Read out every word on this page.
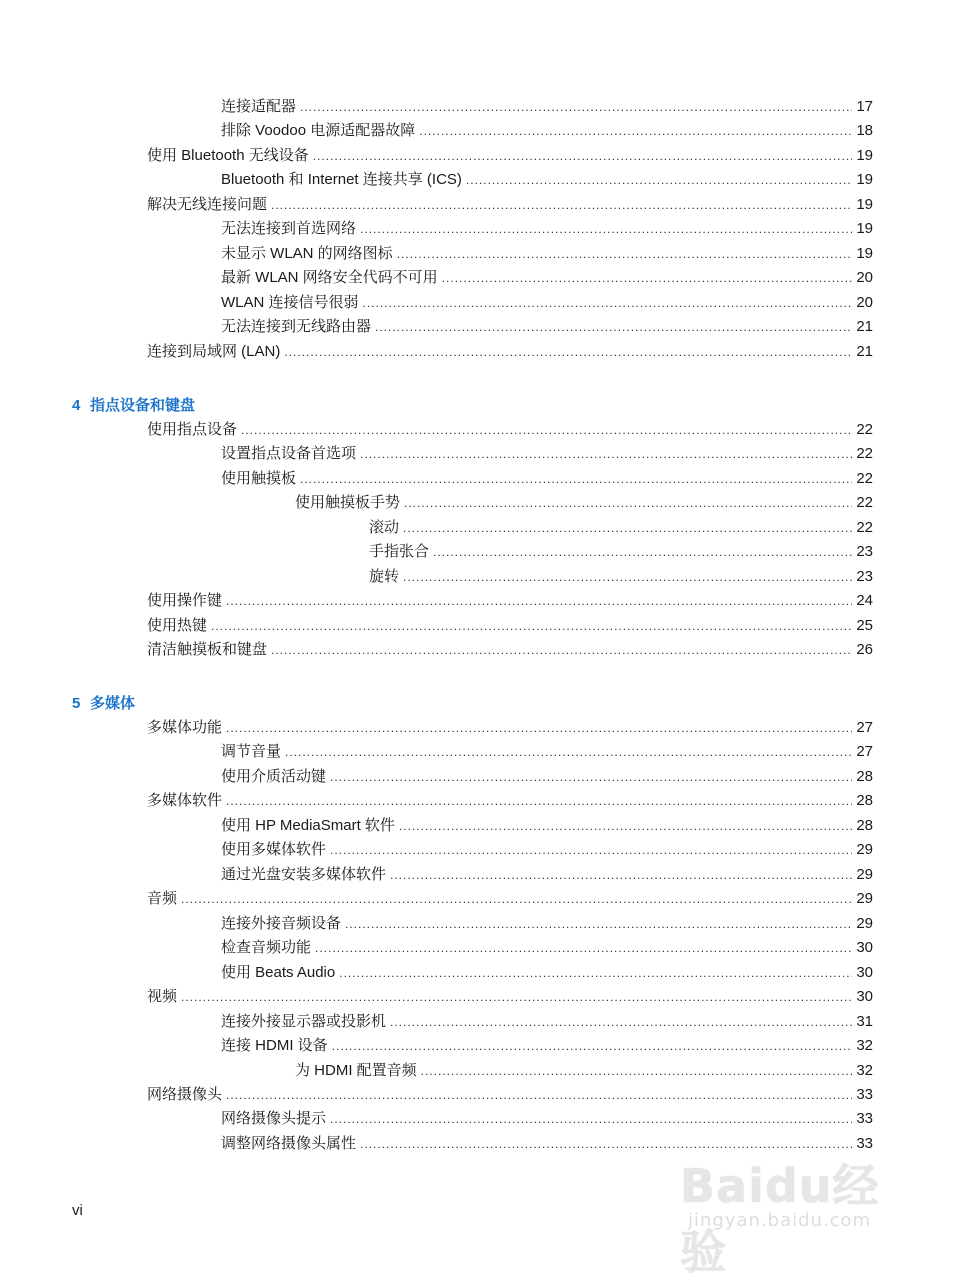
连接适配器 .....	17
排除 Voodoo 电源适配器故障 .....	18
使用 Bluetooth 无线设备 .....	19
Bluetooth 和 Internet 连接共享 (ICS) .....	19
解决无线连接问题 .....	19
无法连接到首选网络 .....	19
未显示 WLAN 的网络图标 .....	19
最新 WLAN 网络安全代码不可用 .....	20
WLAN 连接信号很弱 .....	20
无法连接到无线路由器 .....	21
连接到局域网 (LAN) .....	21
4 指点设备和键盘
使用指点设备 .....	22
设置指点设备首选项 .....	22
使用触摸板 .....	22
使用触摸板手势 .....	22
滚动 .....	22
手指张合 .....	23
旋转 .....	23
使用操作键 .....	24
使用热键 .....	25
清洁触摸板和键盘 .....	26
5 多媒体
多媒体功能 .....	27
调节音量 .....	27
使用介质活动键 .....	28
多媒体软件 .....	28
使用 HP MediaSmart 软件 .....	28
使用多媒体软件 .....	29
通过光盘安装多媒体软件 .....	29
音频 .....	29
连接外接音频设备 .....	29
检查音频功能 .....	30
使用 Beats Audio .....	30
视频 .....	30
连接外接显示器或投影机 .....	31
连接 HDMI 设备 .....	32
为 HDMI 配置音频 .....	32
网络摄像头 .....	33
网络摄像头提示 .....	33
调整网络摄像头属性 .....	33
vi	Baidu经验
jingyan.baidu.com
